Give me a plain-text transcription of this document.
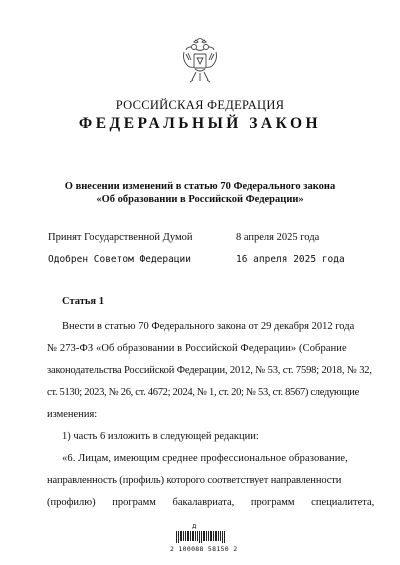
РОССИЙСКАЯ ФЕДЕРАЦИЯ
ФЕДЕРАЛЬНЫЙ ЗАКОН
О внесении изменений в статью 70 Федерального закона
«Об образовании в Российской Федерации»
Принят Государственной Думой	8 апреля 2025 года
Одобрен Советом Федерации	16 апреля 2025 года
Статья 1
Внести в статью 70 Федерального закона от 29 декабря 2012 года
№ 273-ФЗ «Об образовании в Российской Федерации» (Собрание
законодательства Российской Федерации, 2012, № 53, ст. 7598; 2018, № 32,
ст. 5130; 2023, № 26, ст. 4672; 2024, № 1, ст. 20; № 53, ст. 8567) следующие
изменения:
1) часть 6 изложить в следующей редакции:
«6. Лицам, имеющим среднее профессиональное образование,
направленность (профиль) которого соответствует направленности
(профилю) программ бакалавриата, программ специалитета,
Д
2 100088 58150 2
